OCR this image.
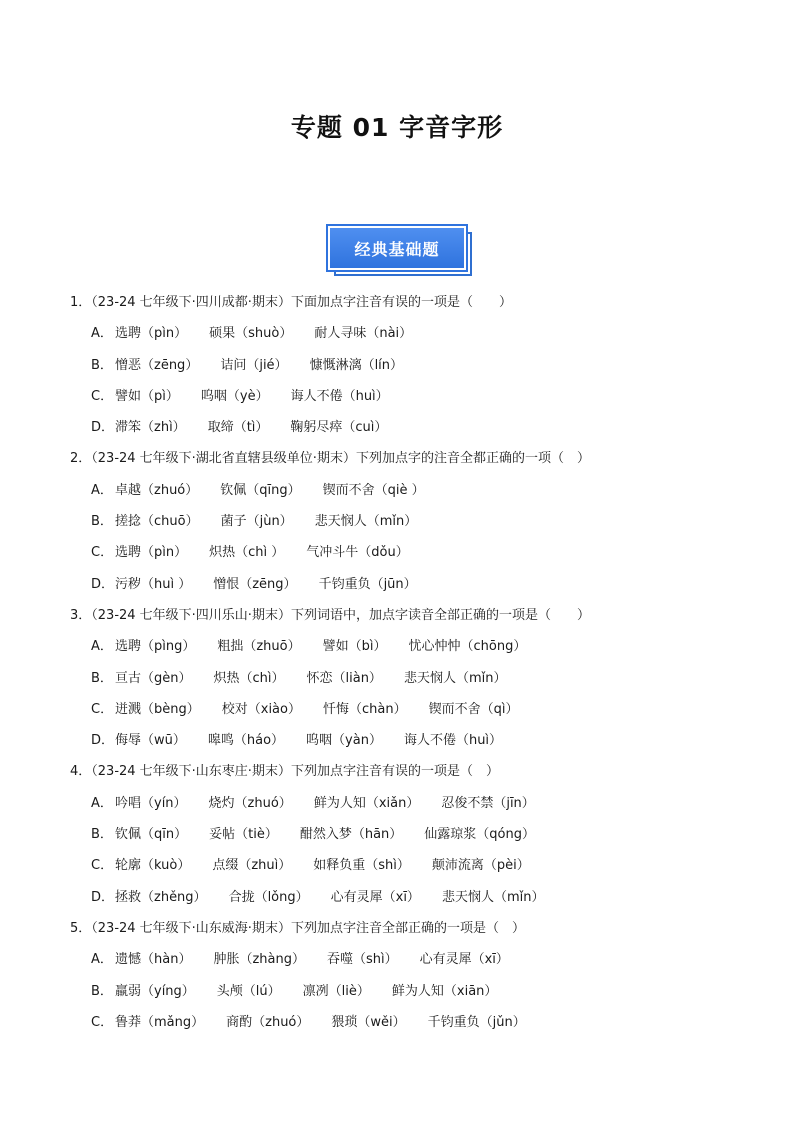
专题 01 字音字形
经典基础题
1．（23-24 七年级下·四川成都·期末）下面加点字注音有误的一项是（　　）
A． 选聘（pìn） 硕果（shuò） 耐人寻味（nài）
B． 憎恶（zēng） 诘问（jié） 慷慨淋漓（lín）
C． 譬如（pì） 呜咽（yè） 诲人不倦（huì）
D．滞笨（zhì） 取缔（tì） 鞠躬尽瘁（cuì）
2．（23-24 七年级下·湖北省直辖县级单位·期末）下列加点字的注音全都正确的一项（　）
A． 卓越（zhuó） 钦佩（qīng） 锲而不舍（qiè ）
B． 搓捻（chuō） 菌子（jùn） 悲天悯人（mǐn）
C． 选聘（pìn） 炽热（chì ） 气冲斗牛（dǒu）
D．污秽（huì ） 憎恨（zēng） 千钧重负（jūn）
3．（23-24 七年级下·四川乐山·期末）下列词语中，加点字读音全部正确的一项是（　　）
A． 选聘（pìng） 粗拙（zhuō） 譬如（bì） 忧心忡忡（chōng）
B． 亘古（gèn） 炽热（chì） 怀恋（liàn） 悲天悯人（mǐn）
C． 迸溅（bèng） 校对（xiào） 忏悔（chàn） 锲而不舍（qì）
D．侮辱（wū） 嗥鸣（háo） 呜咽（yàn） 诲人不倦（huì）
4．（23-24 七年级下·山东枣庄·期末）下列加点字注音有误的一项是（　）
A． 吟唱（yín） 烧灼（zhuó） 鲜为人知（xiǎn） 忍俊不禁（jīn）
B． 钦佩（qīn） 妥帖（tiè） 酣然入梦（hān） 仙露琼浆（qóng）
C． 轮廓（kuò） 点缀（zhuì） 如释负重（shì） 颠沛流离（pèi）
D．拯救（zhěng） 合拢（lǒng） 心有灵犀（xī） 悲天悯人（mǐn）
5．（23-24 七年级下·山东威海·期末）下列加点字注音全部正确的一项是（　）
A． 遗憾（hàn） 肿胀（zhàng） 吞噬（shì） 心有灵犀（xī）
B． 羸弱（yíng） 头颅（lú） 凛冽（liè） 鲜为人知（xiān）
C． 鲁莽（mǎng） 商酌（zhuó） 猥琐（wěi） 千钧重负（jǔn）
